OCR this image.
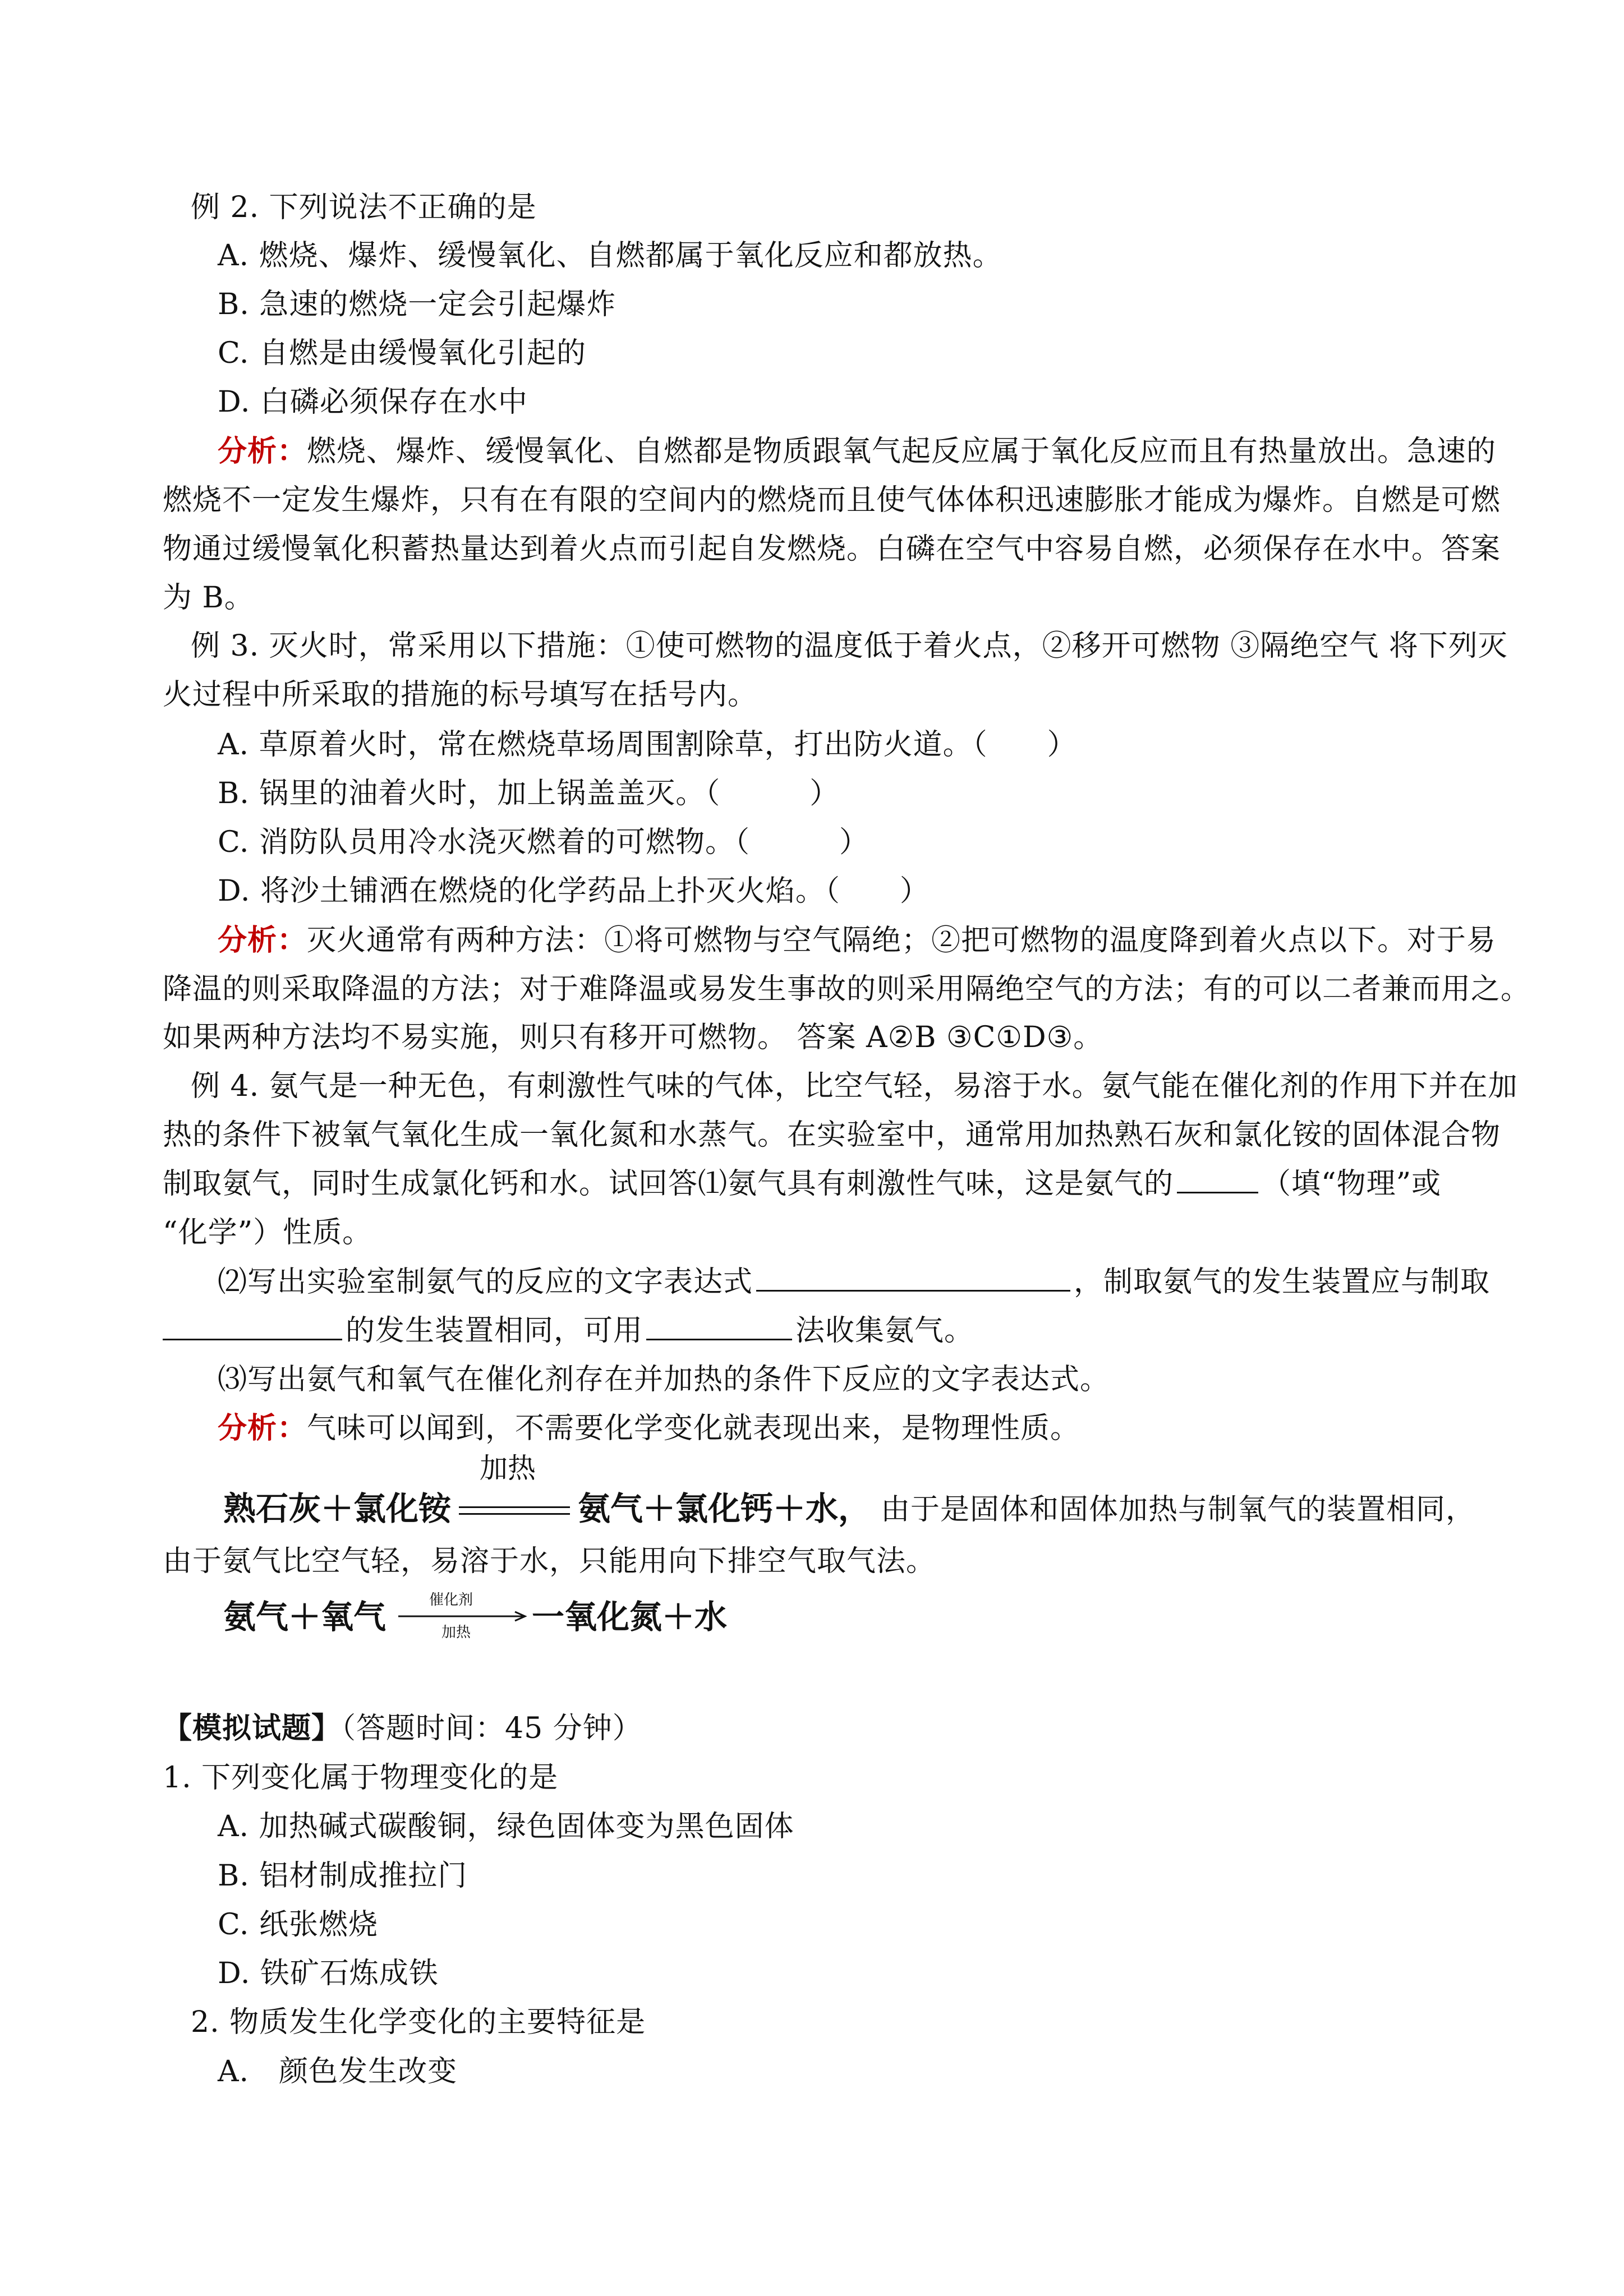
例 2. 下列说法不正确的是
A. 燃烧、爆炸、缓慢氧化、自燃都属于氧化反应和都放热。
B. 急速的燃烧一定会引起爆炸
C. 自燃是由缓慢氧化引起的
D. 白磷必须保存在水中
分析：燃烧、爆炸、缓慢氧化、自燃都是物质跟氧气起反应属于氧化反应而且有热量放出。急速的
燃烧不一定发生爆炸，只有在有限的空间内的燃烧而且使气体体积迅速膨胀才能成为爆炸。自燃是可燃
物通过缓慢氧化积蓄热量达到着火点而引起自发燃烧。白磷在空气中容易自燃，必须保存在水中。答案
为 B。
例 3. 灭火时，常采用以下措施：①使可燃物的温度低于着火点，②移开可燃物 ③隔绝空气 将下列灭
火过程中所采取的措施的标号填写在括号内。
A. 草原着火时，常在燃烧草场周围割除草，打出防火道。（　　）
B. 锅里的油着火时，加上锅盖盖灭。（　　　）
C. 消防队员用冷水浇灭燃着的可燃物。（　　　）
D. 将沙土铺洒在燃烧的化学药品上扑灭火焰。（　　）
分析：灭火通常有两种方法：①将可燃物与空气隔绝；②把可燃物的温度降到着火点以下。对于易
降温的则采取降温的方法；对于难降温或易发生事故的则采用隔绝空气的方法；有的可以二者兼而用之。
如果两种方法均不易实施，则只有移开可燃物。 答案 A②B ③C①D③。
例 4. 氨气是一种无色，有刺激性气味的气体，比空气轻，易溶于水。氨气能在催化剂的作用下并在加
热的条件下被氧气氧化生成一氧化氮和水蒸气。在实验室中，通常用加热熟石灰和氯化铵的固体混合物
制取氨气，同时生成氯化钙和水。试回答⑴氨气具有刺激性气味，这是氨气的	（填“物理”或
“化学”）性质。
⑵写出实验室制氨气的反应的文字表达式	，制取氨气的发生装置应与制取
的发生装置相同，可用	法收集氨气。
⑶写出氨气和氧气在催化剂存在并加热的条件下反应的文字表达式。
分析：气味可以闻到，不需要化学变化就表现出来，是物理性质。
熟石灰＋氯化铵
加热
氨气＋氯化钙＋水， 由于是固体和固体加热与制氧气的装置相同，
由于氨气比空气轻，易溶于水，只能用向下排空气取气法。
氨气＋氧气	催化剂
加热 一氧化氮＋水
【模拟试题】（答题时间：45 分钟）
1. 下列变化属于物理变化的是
A. 加热碱式碳酸铜，绿色固体变为黑色固体
B. 铝材制成推拉门
C. 纸张燃烧
D. 铁矿石炼成铁
2. 物质发生化学变化的主要特征是
A.　颜色发生改变
